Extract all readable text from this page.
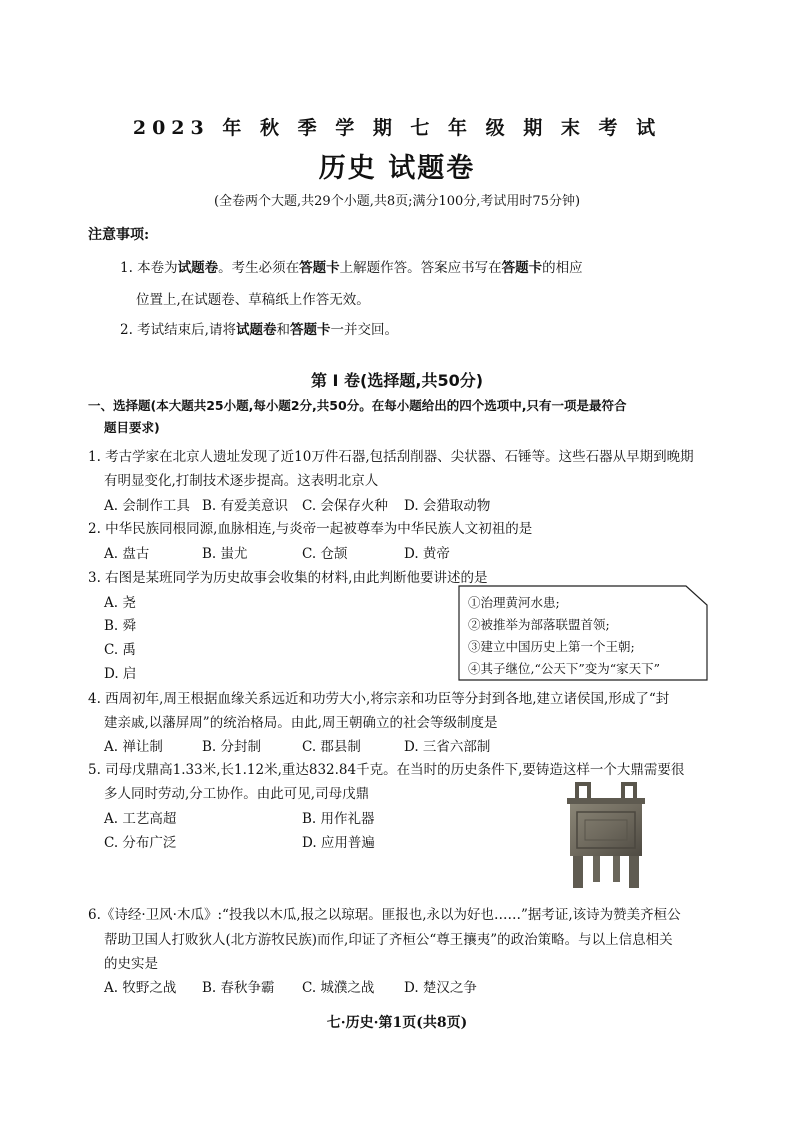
2023 年 秋 季 学 期 七 年 级 期 末 考 试
历史 试题卷
(全卷两个大题,共29个小题,共8页;满分100分,考试用时75分钟)
注意事项:
1. 本卷为试题卷。考生必须在答题卡上解题作答。答案应书写在答题卡的相应
位置上,在试题卷、草稿纸上作答无效。
2. 考试结束后,请将试题卷和答题卡一并交回。
第 Ⅰ 卷(选择题,共50分)
一、选择题(本大题共25小题,每小题2分,共50分。在每小题给出的四个选项中,只有一项是最符合
题目要求)
1. 考古学家在北京人遗址发现了近10万件石器,包括刮削器、尖状器、石锤等。这些石器从早期到晚期
有明显变化,打制技术逐步提高。这表明北京人
A. 会制作工具 B. 有爱美意识 C. 会保存火种 D. 会猎取动物
2. 中华民族同根同源,血脉相连,与炎帝一起被尊奉为中华民族人文初祖的是
A. 盘古	B. 蚩尤	C. 仓颉	D. 黄帝
3. 右图是某班同学为历史故事会收集的材料,由此判断他要讲述的是
A. 尧
B. 舜
C. 禹
D. 启
①治理黄河水患;
②被推举为部落联盟首领;
③建立中国历史上第一个王朝;
④其子继位,“公天下”变为“家天下”
4. 西周初年,周王根据血缘关系远近和功劳大小,将宗亲和功臣等分封到各地,建立诸侯国,形成了“封
建亲戚,以藩屏周”的统治格局。由此,周王朝确立的社会等级制度是
A. 禅让制	B. 分封制	C. 郡县制	D. 三省六部制
5. 司母戊鼎高1.33米,长1.12米,重达832.84千克。在当时的历史条件下,要铸造这样一个大鼎需要很
多人同时劳动,分工协作。由此可见,司母戊鼎
A. 工艺高超	B. 用作礼器
C. 分布广泛	D. 应用普遍
6.《诗经·卫风·木瓜》:“投我以木瓜,报之以琼琚。匪报也,永以为好也……”据考证,该诗为赞美齐桓公
帮助卫国人打败狄人(北方游牧民族)而作,印证了齐桓公“尊王攘夷”的政治策略。与以上信息相关
的史实是
A. 牧野之战 B. 春秋争霸 C. 城濮之战 D. 楚汉之争
七·历史·第1页(共8页)
